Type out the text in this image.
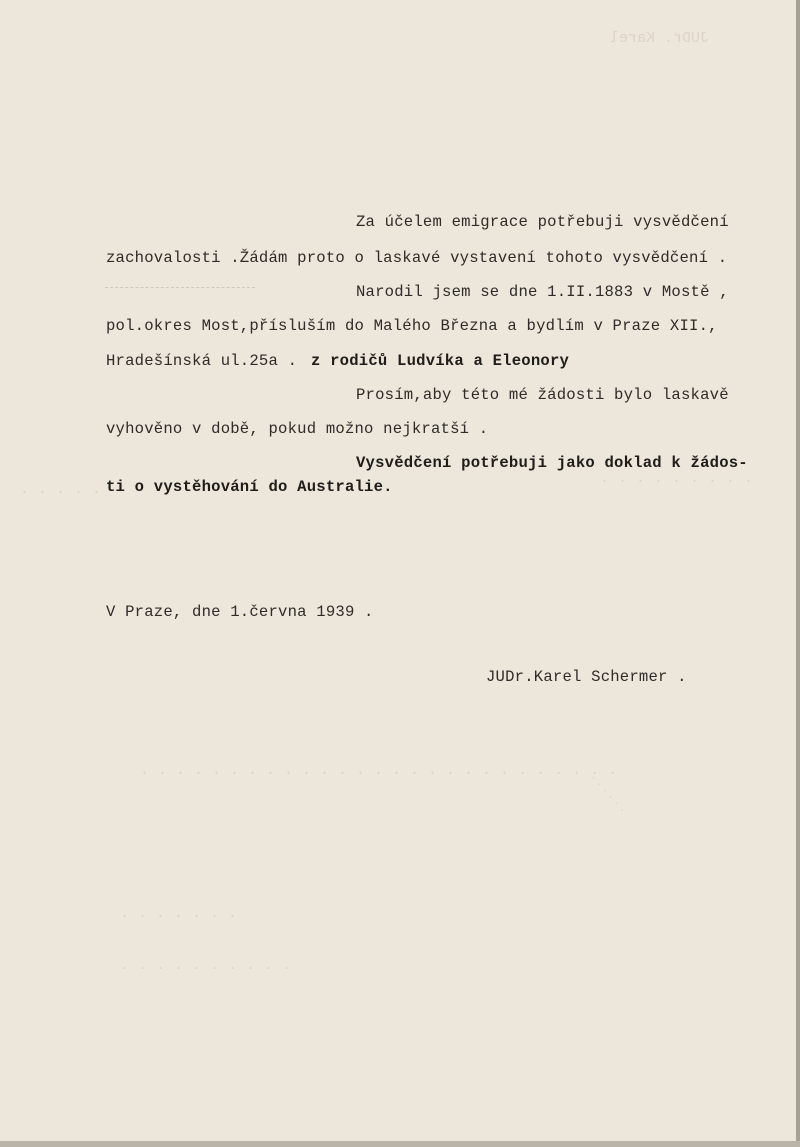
JUDr. Karel
. . . . . . . . .
. . . . . . . . . . . . . . . . . . . . . . . . . . .
. . . . . . .
. . . . . . . . . .
. . . . .
· · · · · ·
Za účelem emigrace potřebuji vysvědčení
zachovalosti .Žádám proto o laskavé vystavení tohoto vysvědčení .
Narodil jsem se dne 1.II.1883 v Mostě ,
pol.okres Most,přísluším do Malého Března a bydlím v Praze XII.,
Hradešínská ul.25a . z rodičů Ludvíka a Eleonory
Prosím,aby této mé žádosti bylo laskavě
vyhověno v době, pokud možno nejkratší .
Vysvědčení potřebuji jako doklad k žádos-
ti o vystěhování do Australie.
V Praze, dne 1.června 1939 .
JUDr.Karel Schermer .
